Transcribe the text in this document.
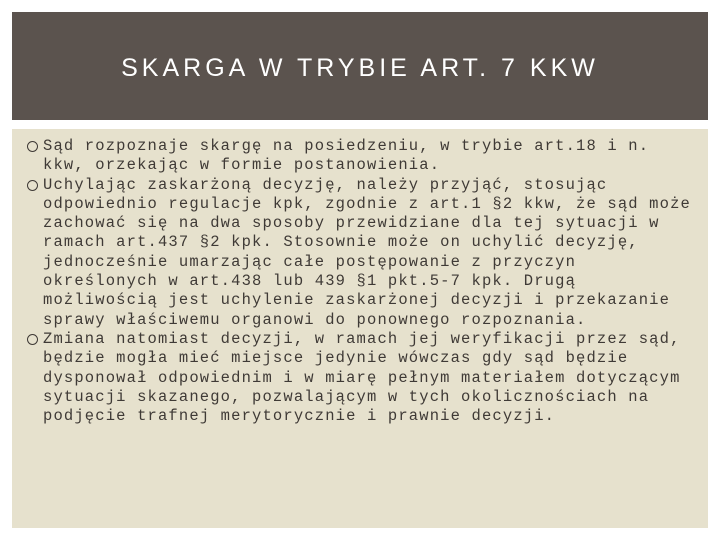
SKARGA W TRYBIE ART. 7 KKW
Sąd rozpoznaje skargę na posiedzeniu, w trybie art.18 i n. kkw, orzekając w formie postanowienia.
Uchylając zaskarżoną decyzję, należy przyjąć, stosując odpowiednio regulacje kpk, zgodnie z art.1 §2 kkw, że sąd może zachować się na dwa sposoby przewidziane dla tej sytuacji w ramach art.437 §2 kpk. Stosownie może on uchylić decyzję, jednocześnie umarzając całe postępowanie z przyczyn określonych w art.438 lub 439 §1 pkt.5-7 kpk. Drugą możliwością jest uchylenie zaskarżonej decyzji i przekazanie sprawy właściwemu organowi do ponownego rozpoznania.
Zmiana natomiast decyzji, w ramach jej weryfikacji przez sąd, będzie mogła mieć miejsce jedynie wówczas gdy sąd będzie dysponował odpowiednim i w miarę pełnym materiałem dotyczącym sytuacji skazanego, pozwalającym w tych okolicznościach na podjęcie trafnej merytorycznie i prawnie decyzji.
